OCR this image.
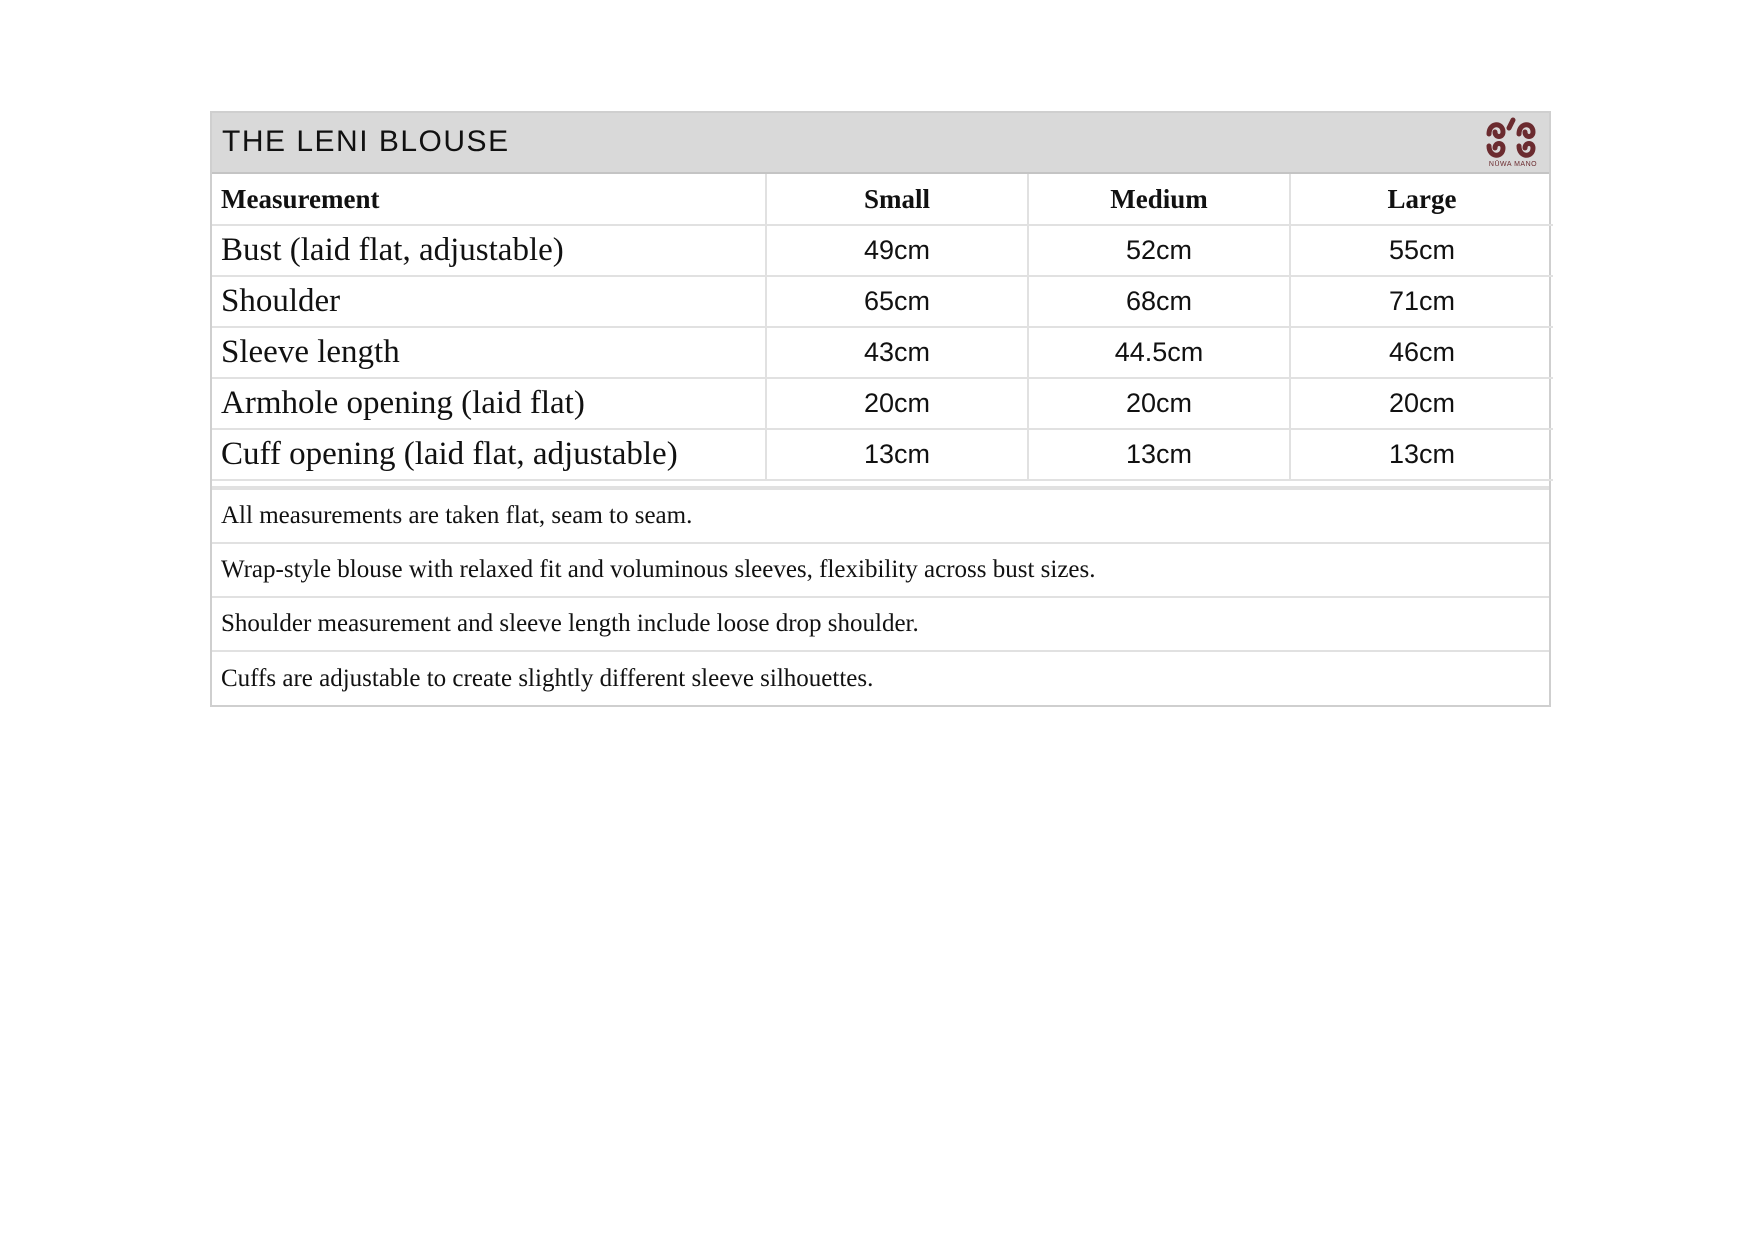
THE LENI BLOUSE
NŪWA MANO
Measurement	Small	Medium	Large
Bust (laid flat, adjustable)	49cm	52cm	55cm
Shoulder	65cm	68cm	71cm
Sleeve length	43cm	44.5cm	46cm
Armhole opening (laid flat)	20cm	20cm	20cm
Cuff opening (laid flat, adjustable)	13cm	13cm	13cm
All measurements are taken flat, seam to seam.
Wrap-style blouse with relaxed fit and voluminous sleeves, flexibility across bust sizes.
Shoulder measurement and sleeve length include loose drop shoulder.
Cuffs are adjustable to create slightly different sleeve silhouettes.
